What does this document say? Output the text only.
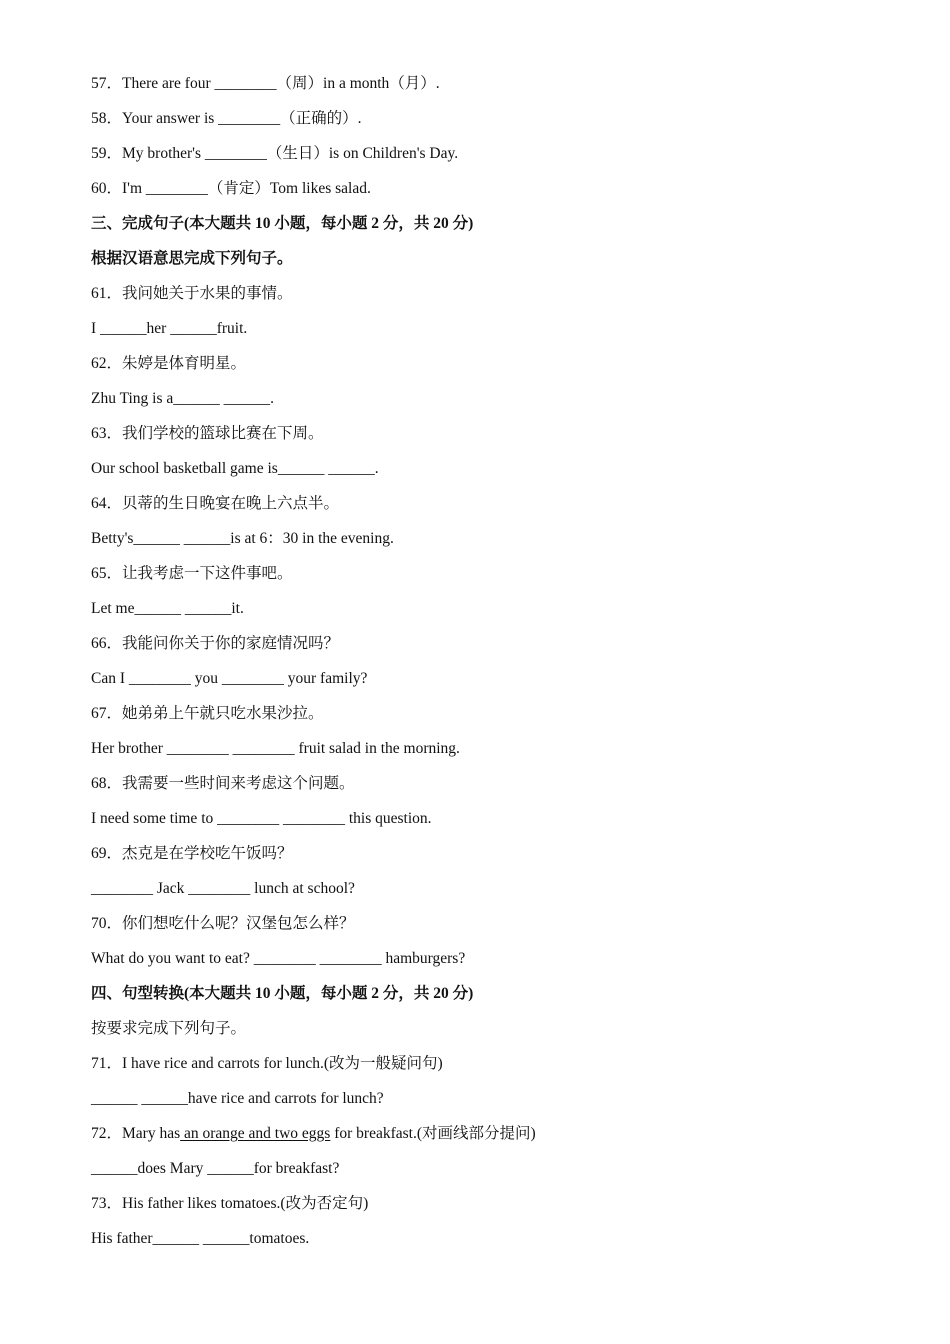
57．There are four ________（周）in a month（月）.
58．Your answer is ________（正确的）.
59．My brother's ________（生日）is on Children's Day.
60．I'm ________（肯定）Tom likes salad.
三、完成句子(本大题共 10 小题，每小题 2 分，共 20 分)
根据汉语意思完成下列句子。
61．我问她关于水果的事情。
I ______her ______fruit.
62．朱婷是体育明星。
Zhu Ting is a______ ______.
63．我们学校的篮球比赛在下周。
Our school basketball game is______ ______.
64．贝蒂的生日晚宴在晚上六点半。
Betty's______ ______is at 6：30 in the evening.
65．让我考虑一下这件事吧。
Let me______ ______it.
66．我能问你关于你的家庭情况吗？
Can I ________ you ________ your family?
67．她弟弟上午就只吃水果沙拉。
Her brother ________ ________ fruit salad in the morning.
68．我需要一些时间来考虑这个问题。
I need some time to ________ ________ this question.
69．杰克是在学校吃午饭吗？
________ Jack ________ lunch at school?
70．你们想吃什么呢？汉堡包怎么样？
What do you want to eat? ________ ________ hamburgers?
四、句型转换(本大题共 10 小题，每小题 2 分，共 20 分)
按要求完成下列句子。
71．I have rice and carrots for lunch.(改为一般疑问句)
______ ______have rice and carrots for lunch?
72．Mary has an orange and two eggs for breakfast.(对画线部分提问)
______does Mary ______for breakfast?
73．His father likes tomatoes.(改为否定句)
His father______ ______tomatoes.
